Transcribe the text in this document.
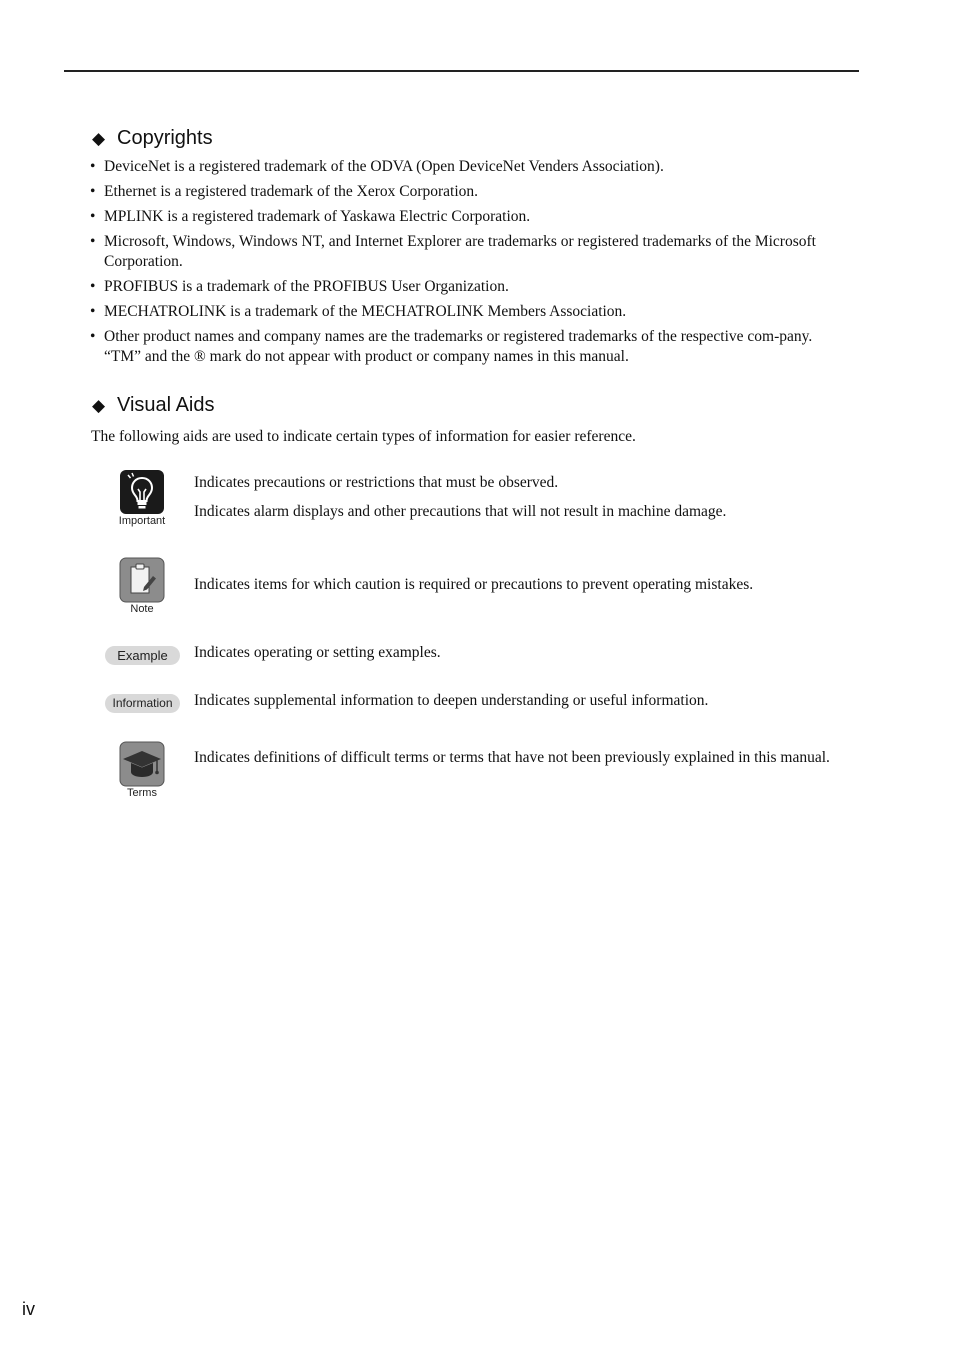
◆ Copyrights
• DeviceNet is a registered trademark of the ODVA (Open DeviceNet Venders Association).
• Ethernet is a registered trademark of the Xerox Corporation.
• MPLINK is a registered trademark of Yaskawa Electric Corporation.
• Microsoft, Windows, Windows NT, and Internet Explorer are trademarks or registered trademarks of the Microsoft Corporation.
• PROFIBUS is a trademark of the PROFIBUS User Organization.
• MECHATROLINK is a trademark of the MECHATROLINK Members Association.
• Other product names and company names are the trademarks or registered trademarks of the respective com-pany. “TM” and the ® mark do not appear with product or company names in this manual.
◆ Visual Aids
The following aids are used to indicate certain types of information for easier reference.
Important
Indicates precautions or restrictions that must be observed.
Indicates alarm displays and other precautions that will not result in machine damage.
Note
Indicates items for which caution is required or precautions to prevent operating mistakes.
Example	Indicates operating or setting examples.
Information	Indicates supplemental information to deepen understanding or useful information.
Terms
Indicates definitions of difficult terms or terms that have not been previously explained in this manual.
iv
